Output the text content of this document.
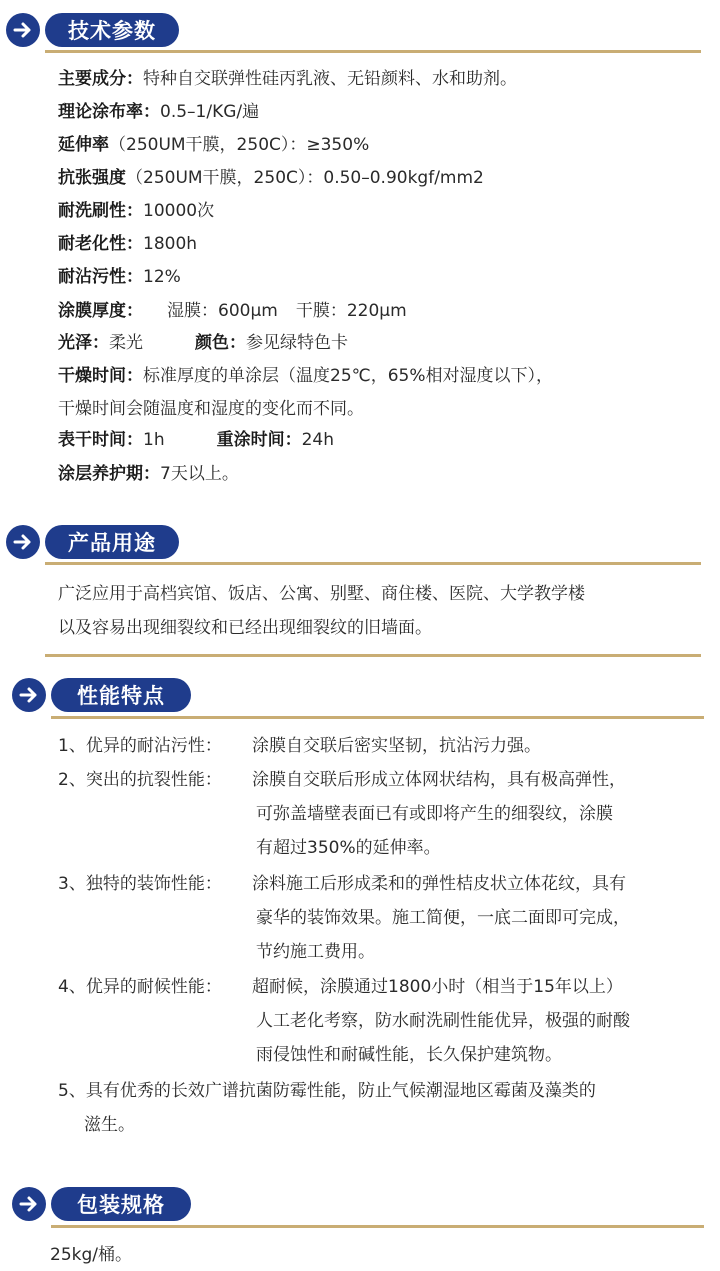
技术参数
主要成分：特种自交联弹性硅丙乳液、无铅颜料、水和助剂。
理论涂布率：0.5–1/KG/遍
延伸率（250UM干膜，250C）：≥350%
抗张强度（250UM干膜，250C）：0.50–0.90kgf/mm2
耐洗刷性：10000次
耐老化性：1800h
耐沾污性：12%
涂膜厚度： 湿膜：600μm 干膜：220μm
光泽：柔光	颜色：参见绿特色卡
干燥时间：标准厚度的单涂层（温度25℃，65%相对湿度以下），
干燥时间会随温度和湿度的变化而不同。
表干时间：1h	重涂时间：24h
涂层养护期：7天以上。
产品用途
广泛应用于高档宾馆、饭店、公寓、别墅、商住楼、医院、大学教学楼
以及容易出现细裂纹和已经出现细裂纹的旧墙面。
性能特点
1、优异的耐沾污性： 涂膜自交联后密实坚韧，抗沾污力强。
2、突出的抗裂性能： 涂膜自交联后形成立体网状结构，具有极高弹性，
可弥盖墙壁表面已有或即将产生的细裂纹，涂膜
有超过350%的延伸率。
3、独特的装饰性能： 涂料施工后形成柔和的弹性桔皮状立体花纹，具有
豪华的装饰效果。施工简便，一底二面即可完成，
节约施工费用。
4、优异的耐候性能： 超耐候，涂膜通过1800小时（相当于15年以上）
人工老化考察，防水耐洗刷性能优异，极强的耐酸
雨侵蚀性和耐碱性能，长久保护建筑物。
5、具有优秀的长效广谱抗菌防霉性能，防止气候潮湿地区霉菌及藻类的
滋生。
包装规格
25kg/桶。
